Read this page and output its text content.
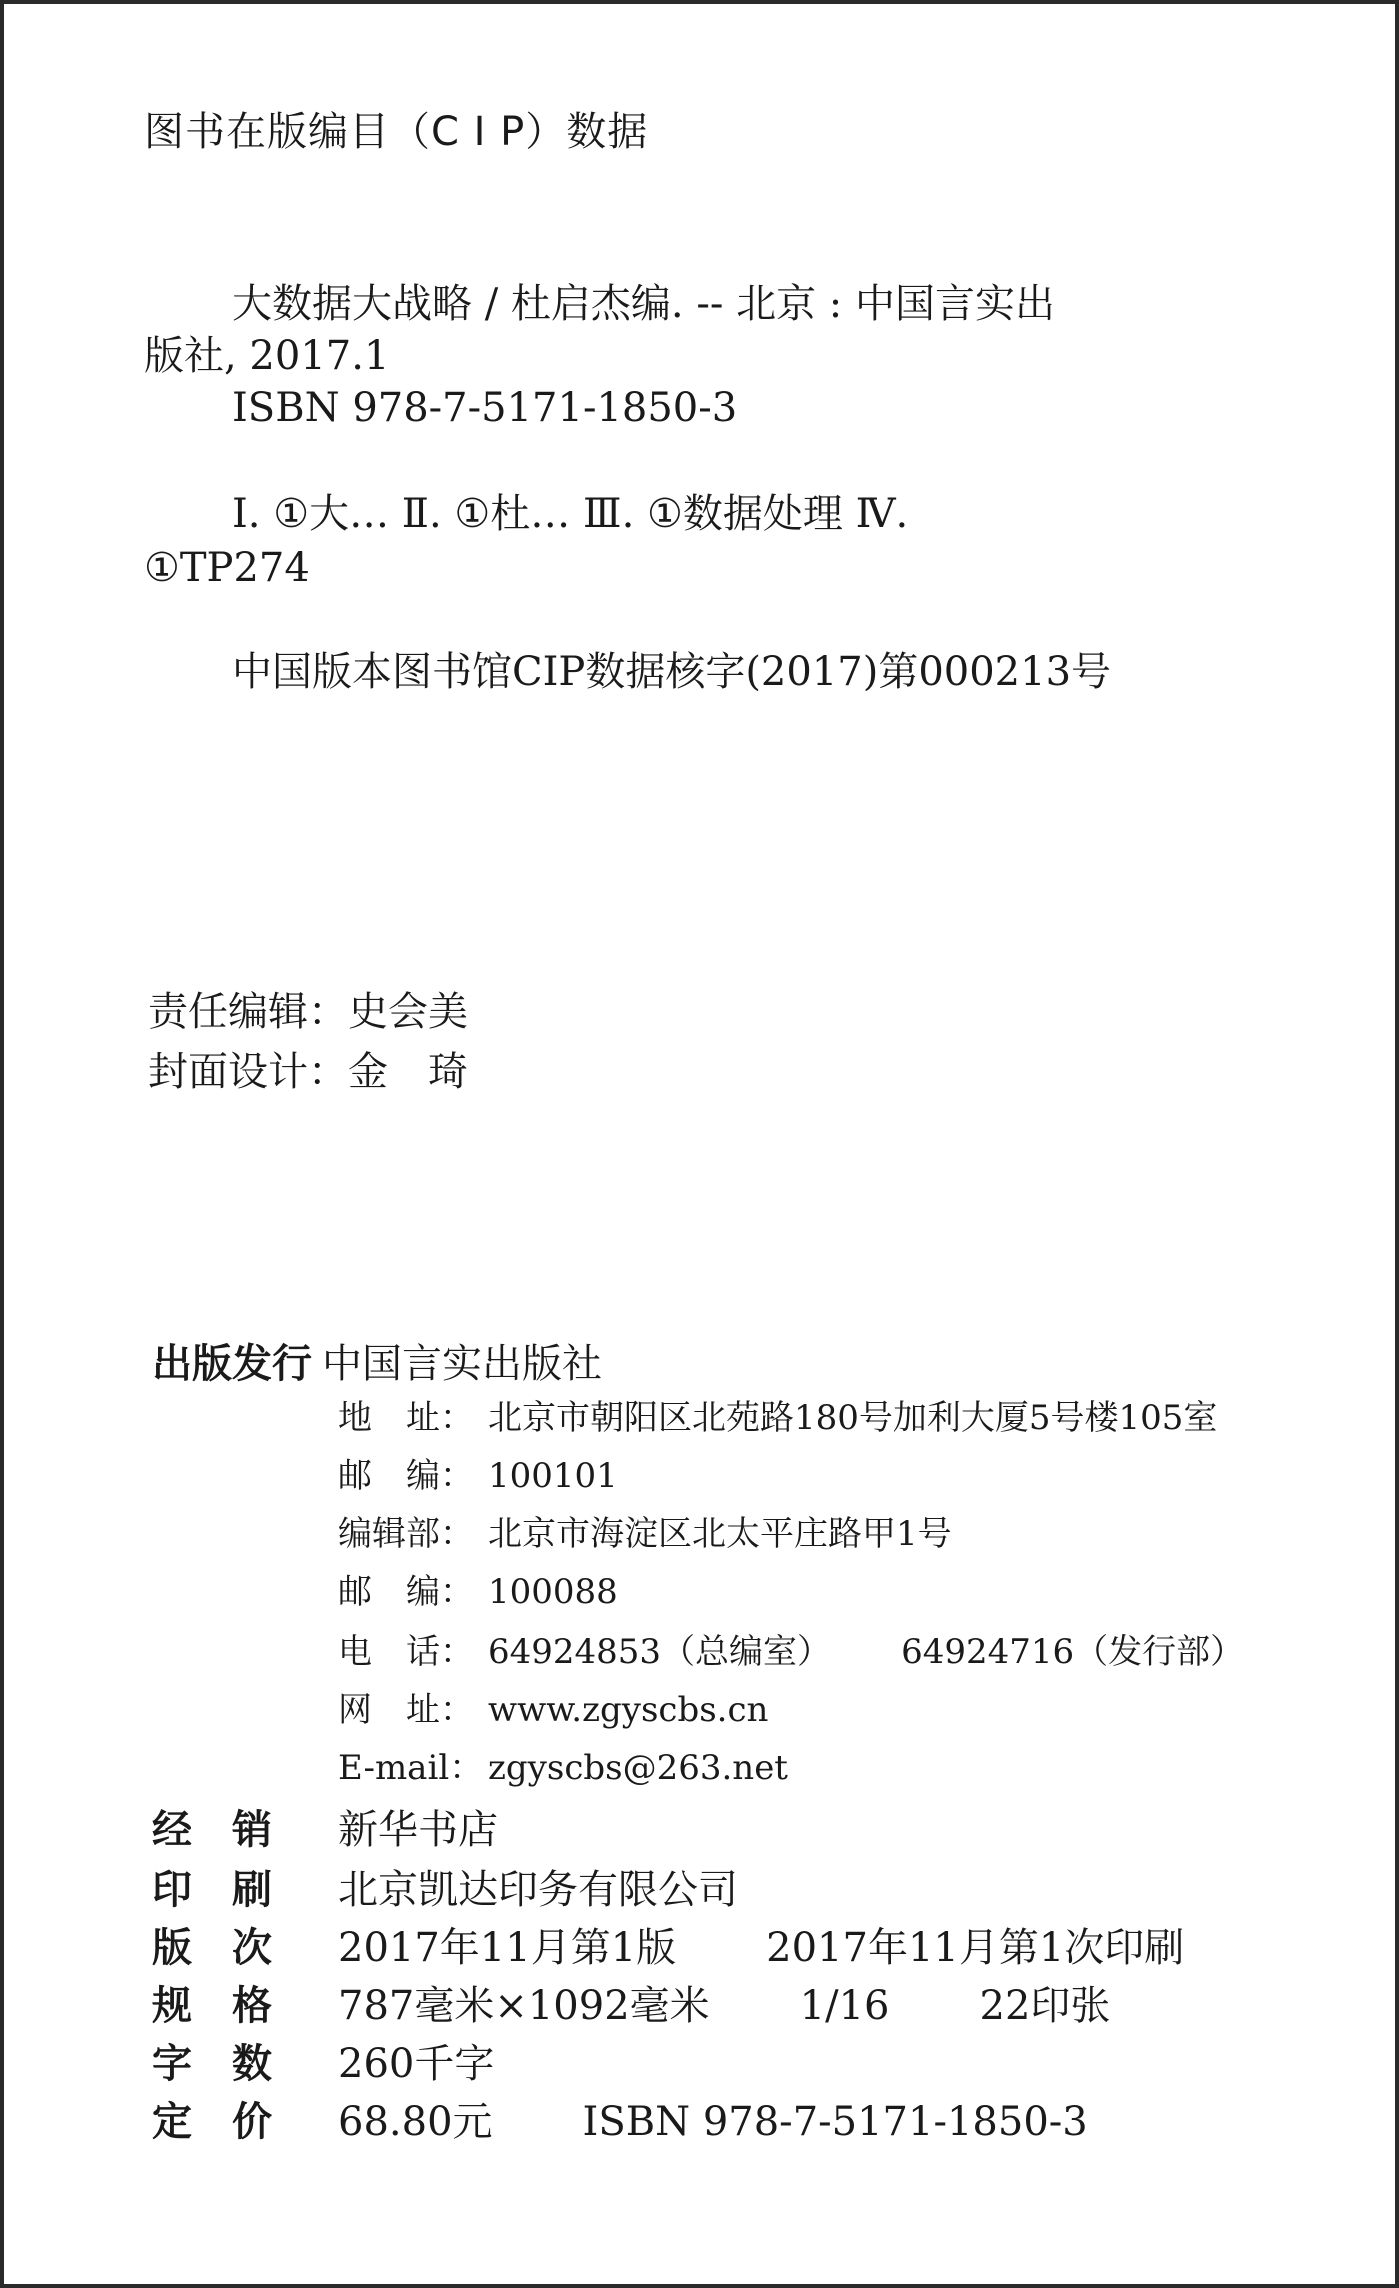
图书在版编目（C I P）数据
大数据大战略 / 杜启杰编. -- 北京 : 中国言实出
版社, 2017.1
ISBN 978-7-5171-1850-3
Ⅰ. ①大… Ⅱ. ①杜… Ⅲ. ①数据处理 Ⅳ.
①TP274
中国版本图书馆CIP数据核字(2017)第000213号
责任编辑：史会美
封面设计：金　琦
出版发行 中国言实出版社
地　址： 北京市朝阳区北苑路180号加利大厦5号楼105室
邮　编： 100101
编辑部： 北京市海淀区北太平庄路甲1号
邮　编： 100088
电　话： 64924853（总编室） 64924716（发行部）
网　址： www.zgyscbs.cn
E-mail： zgyscbs@263.net
经　销 新华书店
印　刷 北京凯达印务有限公司
版　次 2017年11月第1版 2017年11月第1次印刷
规　格 787毫米×1092毫米 1/16 22印张
字　数 260千字
定　价 68.80元 ISBN 978-7-5171-1850-3
